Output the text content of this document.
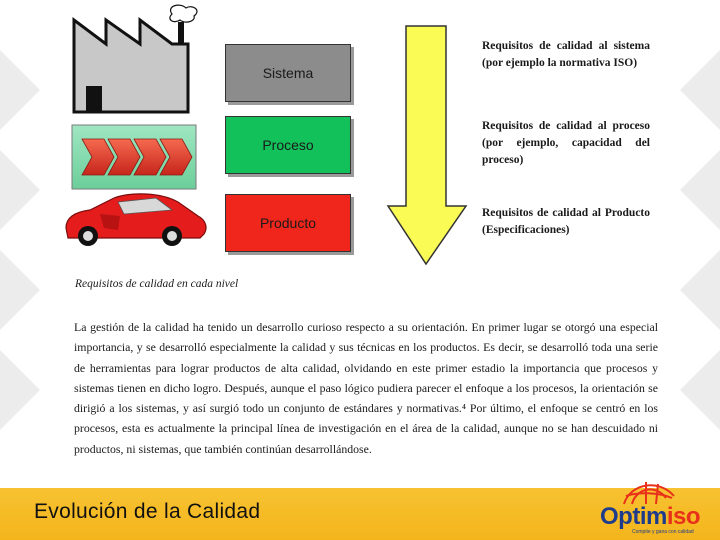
Sistema
Proceso
Producto
Requisitos de calidad al sistema (por ejemplo la normativa ISO)
Requisitos de calidad al proceso (por ejemplo, capacidad del proceso)
Requisitos de calidad al Producto (Especificaciones)
Requisitos de calidad en cada nivel
La gestión de la calidad ha tenido un desarrollo curioso respecto a su orientación. En primer lugar se otorgó una especial importancia, y se desarrolló especialmente la calidad y sus técnicas en los productos. Es decir, se desarrolló toda una serie de herramientas para lograr productos de alta calidad, olvidando en este primer estadio la importancia que procesos y sistemas tienen en dicho logro. Después, aunque el paso lógico pudiera parecer el enfoque a los procesos, la orientación se dirigió a los sistemas, y así surgió todo un conjunto de estándares y normativas.⁴ Por último, el enfoque se centró en los procesos, esta es actualmente la principal línea de investigación en el área de la calidad, aunque no se han descuidado ni productos, ni sistemas, que también continúan desarrollándose.
Evolución de la Calidad	Optimiso
Compite y gana con calidad
